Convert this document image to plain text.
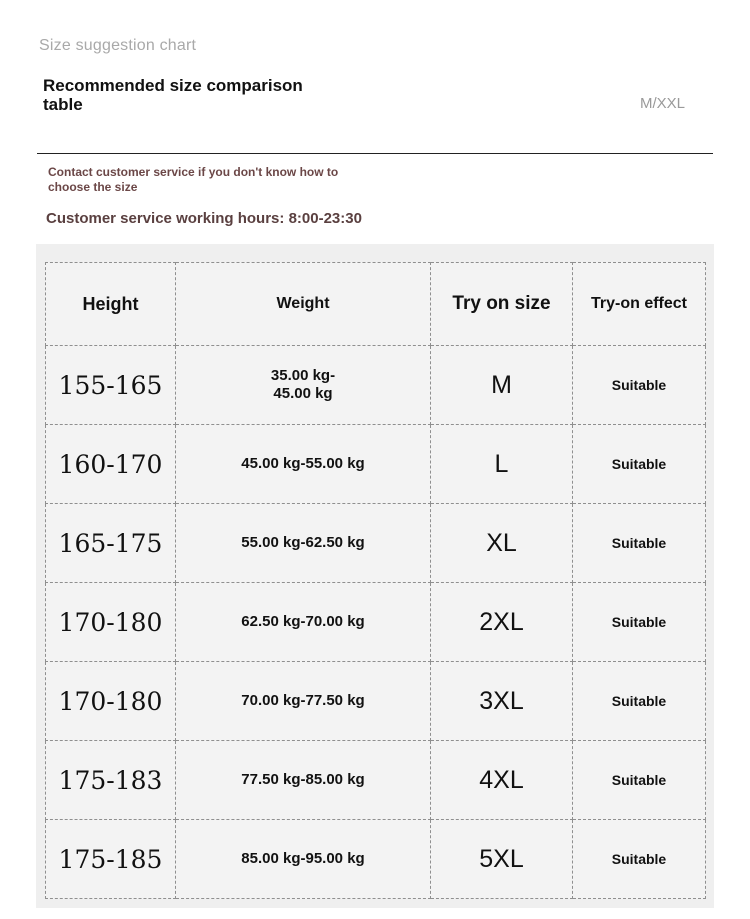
Size suggestion chart
Recommended size comparison table	M/XXL
Contact customer service if you don't know how to choose the size
Customer service working hours: 8:00-23:30
Height	Weight	Try on size	Try-on effect
155-165	35.00 kg-45.00 kg	M	Suitable
160-170	45.00 kg-55.00 kg	L	Suitable
165-175	55.00 kg-62.50 kg	XL	Suitable
170-180	62.50 kg-70.00 kg	2XL	Suitable
170-180	70.00 kg-77.50 kg	3XL	Suitable
175-183	77.50 kg-85.00 kg	4XL	Suitable
175-185	85.00 kg-95.00 kg	5XL	Suitable
